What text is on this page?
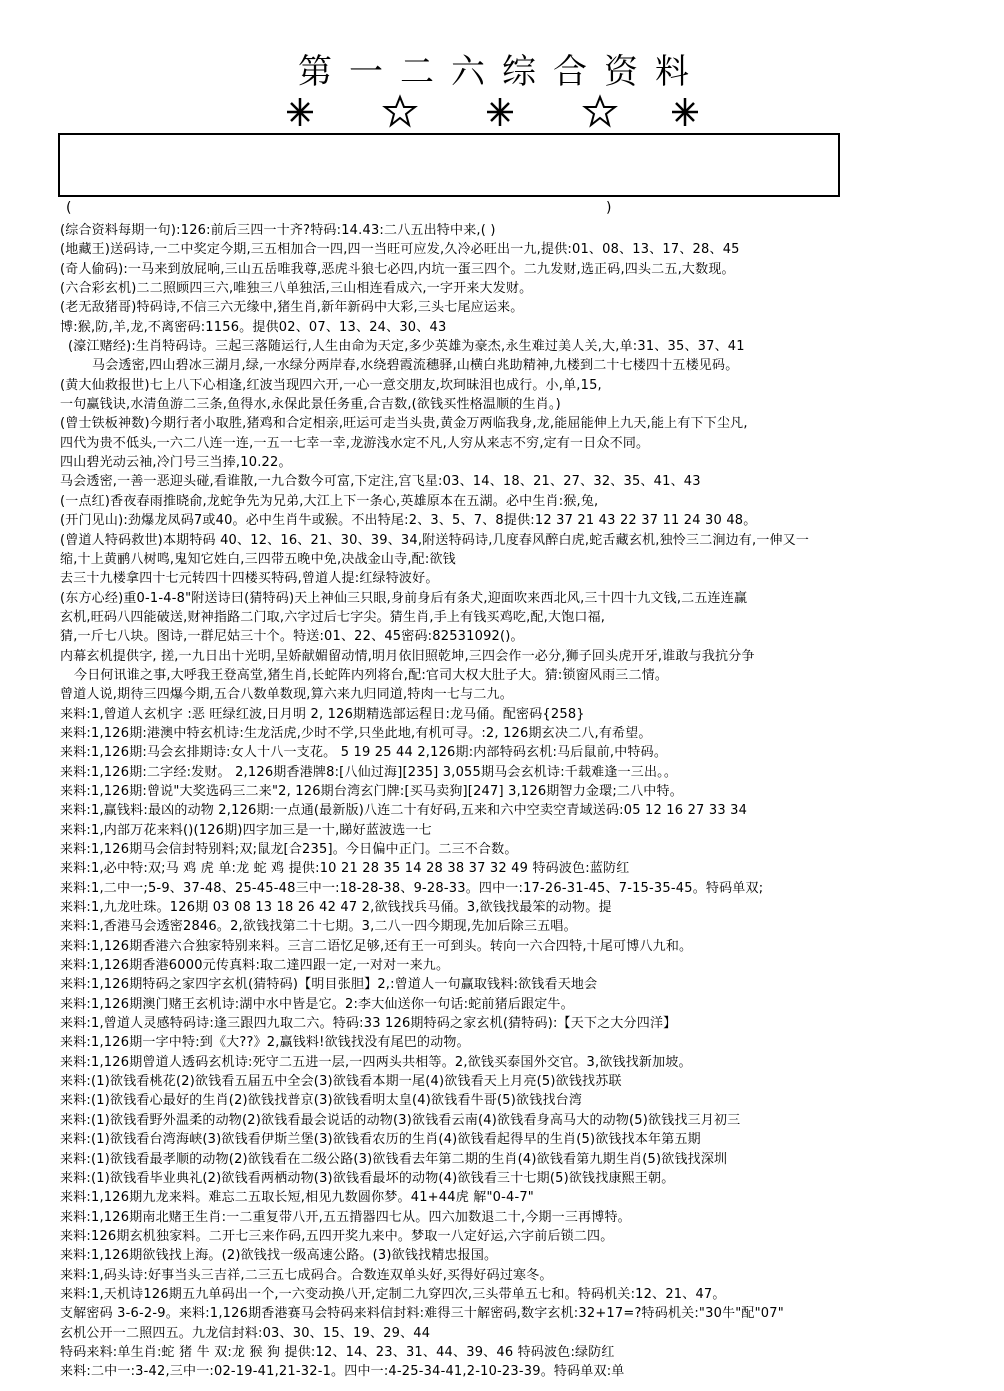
第一二六综合资料
(	)
(综合资料每期一句):126:前后三四一十齐?特码:14.43:二八五出特中来,( )
(地藏王)送码诗,一二中奖定今期,三五相加合一四,四一当旺可应发,久冷必旺出一九,提供:01、08、13、17、28、45
(奇人偷码):一马来到放屁响,三山五岳唯我尊,恶虎斗狼七必四,内坑一蛋三四个。二九发财,选正码,四头二五,大数现。
(六合彩玄机)二二照顾四三六,唯独三八单独活,三山相连看成六,一字开来大发财。
(老无敌猪哥)特码诗,不信三六无缘中,猪生肖,新年新码中大彩,三头七尾应运来。
博:猴,防,羊,龙,不离密码:1156。提供02、07、13、24、30、43
(濠江赌经):生肖特码诗。三起三落随运行,人生由命为天定,多少英雄为豪杰,永生难过美人关,大,单:31、35、37、41
马会透密,四山碧冰三湖月,绿,一水绿分两岸春,水绕碧霞流穗驿,山横白兆助精神,九楼到二十七楼四十五楼见码。
(黄大仙救报世)七上八下心相逢,红波当现四六开,一心一意交朋友,坎珂昧泪也成行。小,单,15,
一句赢钱诀,水清鱼游二三条,鱼得水,永保此景任务重,合吉数,(欲钱买性格温顺的生肖。)
(曾士铁板神数)今期行者小取胜,猪鸡和合定相亲,旺运可走当头贵,黄金万两临我身,龙,能屈能伸上九天,能上有下下尘凡,
四代为贵不低头,一六二八连一连,一五一七幸一幸,龙游浅水定不凡,人穷从来志不穷,定有一日众不同。
四山碧光动云袖,冷门号三当捧,10.22。
马会透密,一善一恶迎头碰,看谁散,一九合数今可富,下定注,宫飞星:03、14、18、21、27、32、35、41、43
(一点红)香夜春雨推晓俞,龙蛇争先为兄弟,大江上下一条心,英雄原本在五湖。必中生肖:猴,兔,
(开门见山):劲爆龙凤码7或40。必中生肖牛或猴。不出特尾:2、3、5、7、8提供:12 37 21 43 22 37 11 24 30 48。
(曾道人特码救世)本期特码 40、12、16、21、30、39、34,附送特码诗,几度春风醉白虎,蛇舌藏玄机,独怜三二涧边有,一伸又一
缩,十上黄鹂八树鸣,鬼知它姓白,三四带五晚中免,决战金山寺,配:欲钱
去三十九楼拿四十七元转四十四楼买特码,曾道人提:红绿特波好。
(东方心经)重0-1-4-8"附送诗曰(猜特码)天上神仙三只眼,身前身后有条犬,迎面吹来西北风,三十四十九文钱,二五连连赢
玄机,旺码八四能破送,财神指路二门取,六字过后七字尖。猜生肖,手上有钱买鸡吃,配,大饱口福,
猜,一斤七八块。图诗,一群尼姑三十个。特送:01、22、45密码:82531092()。
内幕玄机提供字, 搓,一九日出十光明,呈娇献媚留动情,明月依旧照乾坤,三四会作一必分,狮子回头虎开牙,谁敢与我抗分争
今日何讯谁之事,大呼我王登高堂,猪生肖,长蛇阵内列将台,配:官司大权大肚子大。猜:锁窗风雨三二情。
曾道人说,期待三四爆今期,五合八数单数现,算六来九归同道,特肉一七与二九。
来料:1,曾道人玄机字 :恶 旺绿红波,日月明 2, 126期精选部运程日:龙马俑。配密码{258}
来料:1,126期:港澳中特玄机诗:生龙活虎,少时不学,只坐此地,有机可寻。:2, 126期玄决二八,有希望。
来料:1,126期:马会玄排期诗:女人十八一支花。 5 19 25 44 2,126期:内部特码玄机:马后鼠前,中特码。
来料:1,126期:二字经:发财。 2,126期香港牌8:[八仙过海][235] 3,055期马会玄机诗:千载难逢一三出。。
来料:1,126期:曾说"大奖选码三二来"2, 126期台湾玄门牌:[买马卖狗][247] 3,126期智力金環;二八中特。
来料:1,赢钱料:最凶的动物 2,126期:一点通(最新版)八连二十有好码,五来和六中空卖空青域送码:05 12 16 27 33 34
来料:1,内部万花来料()(126期)四字加三是一十,睇好蓝波选一七
来料:1,126期马会信封特别料;双;鼠龙[合235]。今日偏中正门。二三不合数。
来料:1,必中特:双;马 鸡 虎 单:龙 蛇 鸡 提供:10 21 28 35 14 28 38 37 32 49 特码波色:蓝防红
来料:1,二中一;5-9、37-48、25-45-48三中一:18-28-38、9-28-33。四中一:17-26-31-45、7-15-35-45。特码单双;
来料:1,九龙吐珠。126期 03 08 13 18 26 42 47 2,欲钱找兵马俑。3,欲钱找最笨的动物。提
来料:1,香港马会透密2846。2,欲钱找第二十七期。3,二八一四今期现,先加后除三五唱。
来料:1,126期香港六合独家特别来料。三言二语忆足够,还有王一可到头。转向一六合四特,十尾可博八九和。
来料:1,126期香港6000元传真料:取二達四跟一定,一对对一来九。
来料:1,126期特码之家四字玄机(猜特码)【明目张胆】2,:曾道人一句赢取钱料:欲钱看天地会
来料:1,126期澳门赌王玄机诗:湖中水中皆是它。2:李大仙送你一句话:蛇前猪后跟定牛。
来料:1,曾道人灵感特码诗:逢三跟四九取二六。特码:33 126期特码之家玄机(猜特码):【天下之大分四洋】
来料:1,126期一字中特:到《大??》2,赢钱料!欲钱找没有尾巴的动物。
来料:1,126期曾道人透码玄机诗:死守二五进一层,一四两头共相等。2,欲钱买泰国外交官。3,欲钱找新加坡。
来料:(1)欲钱看桃花(2)欲钱看五届五中全会(3)欲钱看本期一尾(4)欲钱看天上月亮(5)欲钱找苏联
来料:(1)欲钱看心最好的生肖(2)欲钱找普京(3)欲钱看明太皇(4)欲钱看牛哥(5)欲钱找台湾
来料:(1)欲钱看野外温柔的动物(2)欲钱看最会说话的动物(3)欲钱看云南(4)欲钱看身高马大的动物(5)欲钱找三月初三
来料:(1)欲钱看台湾海峡(3)欲钱看伊斯兰堡(3)欲钱看农历的生肖(4)欲钱看起得早的生肖(5)欲钱找本年第五期
来料:(1)欲钱看最孝顺的动物(2)欲钱看在二级公路(3)欲钱看去年第二期的生肖(4)欲钱看第九期生肖(5)欲钱找深圳
来料:(1)欲钱看毕业典礼(2)欲钱看两栖动物(3)欲钱看最坏的动物(4)欲钱看三十七期(5)欲钱找康熙王朝。
来料:1,126期九龙来料。难忘二五取长短,相见九数圆你梦。41+44虎 解"0-4-7"
来料:1,126期南北赌王生肖:一二重复带八开,五五揹器四七从。四六加数退二十,今期一三再博特。
来料:126期玄机独家料。二开七三来作码,五四开奖九来中。梦取一八定好运,六字前后锁二四。
来料:1,126期欲钱找上海。(2)欲钱找一级高速公路。(3)欲钱找精忠报国。
来料:1,码头诗:好事当头三吉祥,二三五七成码合。合数连双单头好,买得好码过寒冬。
来料:1,天机诗126期五九单码出一个,一六变动换八开,定制二九穿四次,三头带单五七和。特码机关:12、21、47。
支解密码 3-6-2-9。来料:1,126期香港赛马会特码来料信封料:难得三十解密码,数字玄机:32+17=?特码机关:"30牛"配"07"
玄机公开一二照四五。九龙信封料:03、30、15、19、29、44
特码来料:单生肖:蛇 猪 牛 双:龙 猴 狗 提供:12、14、23、31、44、39、46 特码波色:绿防红
来料:二中一:3-42,三中一:02-19-41,21-32-1。四中一:4-25-34-41,2-10-23-39。特码单双:单
